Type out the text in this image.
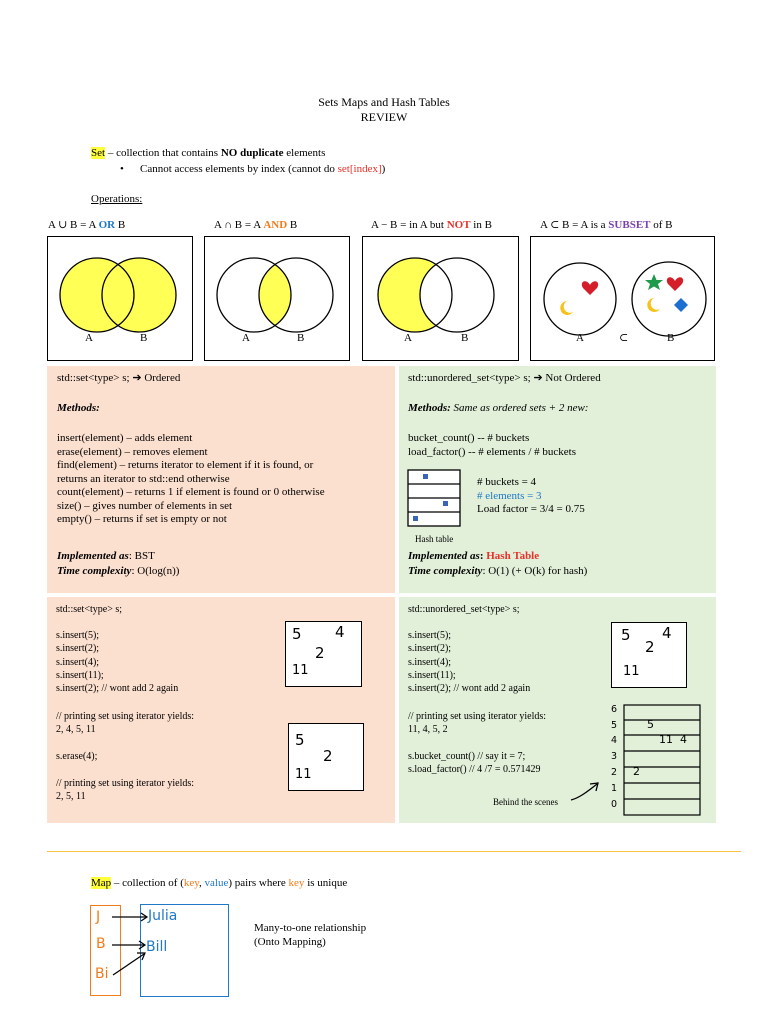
Sets Maps and Hash Tables
REVIEW
Set – collection that contains NO duplicate elements
• Cannot access elements by index (cannot do set[index])
Operations:
A ∪ B = A OR B	A ∩ B = A AND B	A − B = in A but NOT in B	A ⊂ B = A is a SUBSET of B
A	B	A	B	A	B	A	⊂	B
std::set<type> s; ➔ Ordered
Methods:
insert(element) – adds element
erase(element) – removes element
find(element) – returns iterator to element if it is found, or
returns an iterator to std::end otherwise
count(element) – returns 1 if element is found or 0 otherwise
size() – gives number of elements in set
empty() – returns if set is empty or not
Implemented as: BST
Time complexity: O(log(n))
std::unordered_set<type> s; ➔ Not Ordered
Methods: Same as ordered sets + 2 new:
bucket_count() -- # buckets
load_factor() -- # elements / # buckets
# buckets = 4
# elements = 3
Load factor = 3/4 = 0.75
Hash table
Implemented as: Hash Table
Time complexity: O(1) (+ O(k) for hash)
std::set<type> s;
s.insert(5);
s.insert(2);
s.insert(4);
s.insert(11);
s.insert(2); // wont add 2 again
// printing set using iterator yields:
2, 4, 5, 11
s.erase(4);
// printing set using iterator yields:
2, 5, 11
5 4
2
11
5
2
11
std::unordered_set<type> s;
s.insert(5);
s.insert(2);
s.insert(4);
s.insert(11);
s.insert(2); // wont add 2 again
// printing set using iterator yields:
11, 4, 5, 2
s.bucket_count() // say it = 7;
s.load_factor() // 4 /7 = 0.571429
Behind the scenes
5 4
2
11
6
5
4
3
2
1
0
5
11  4
2
Map – collection of (key, value) pairs where key is unique
J
B
Bi
Julia
Bill
Many-to-one relationship
(Onto Mapping)
